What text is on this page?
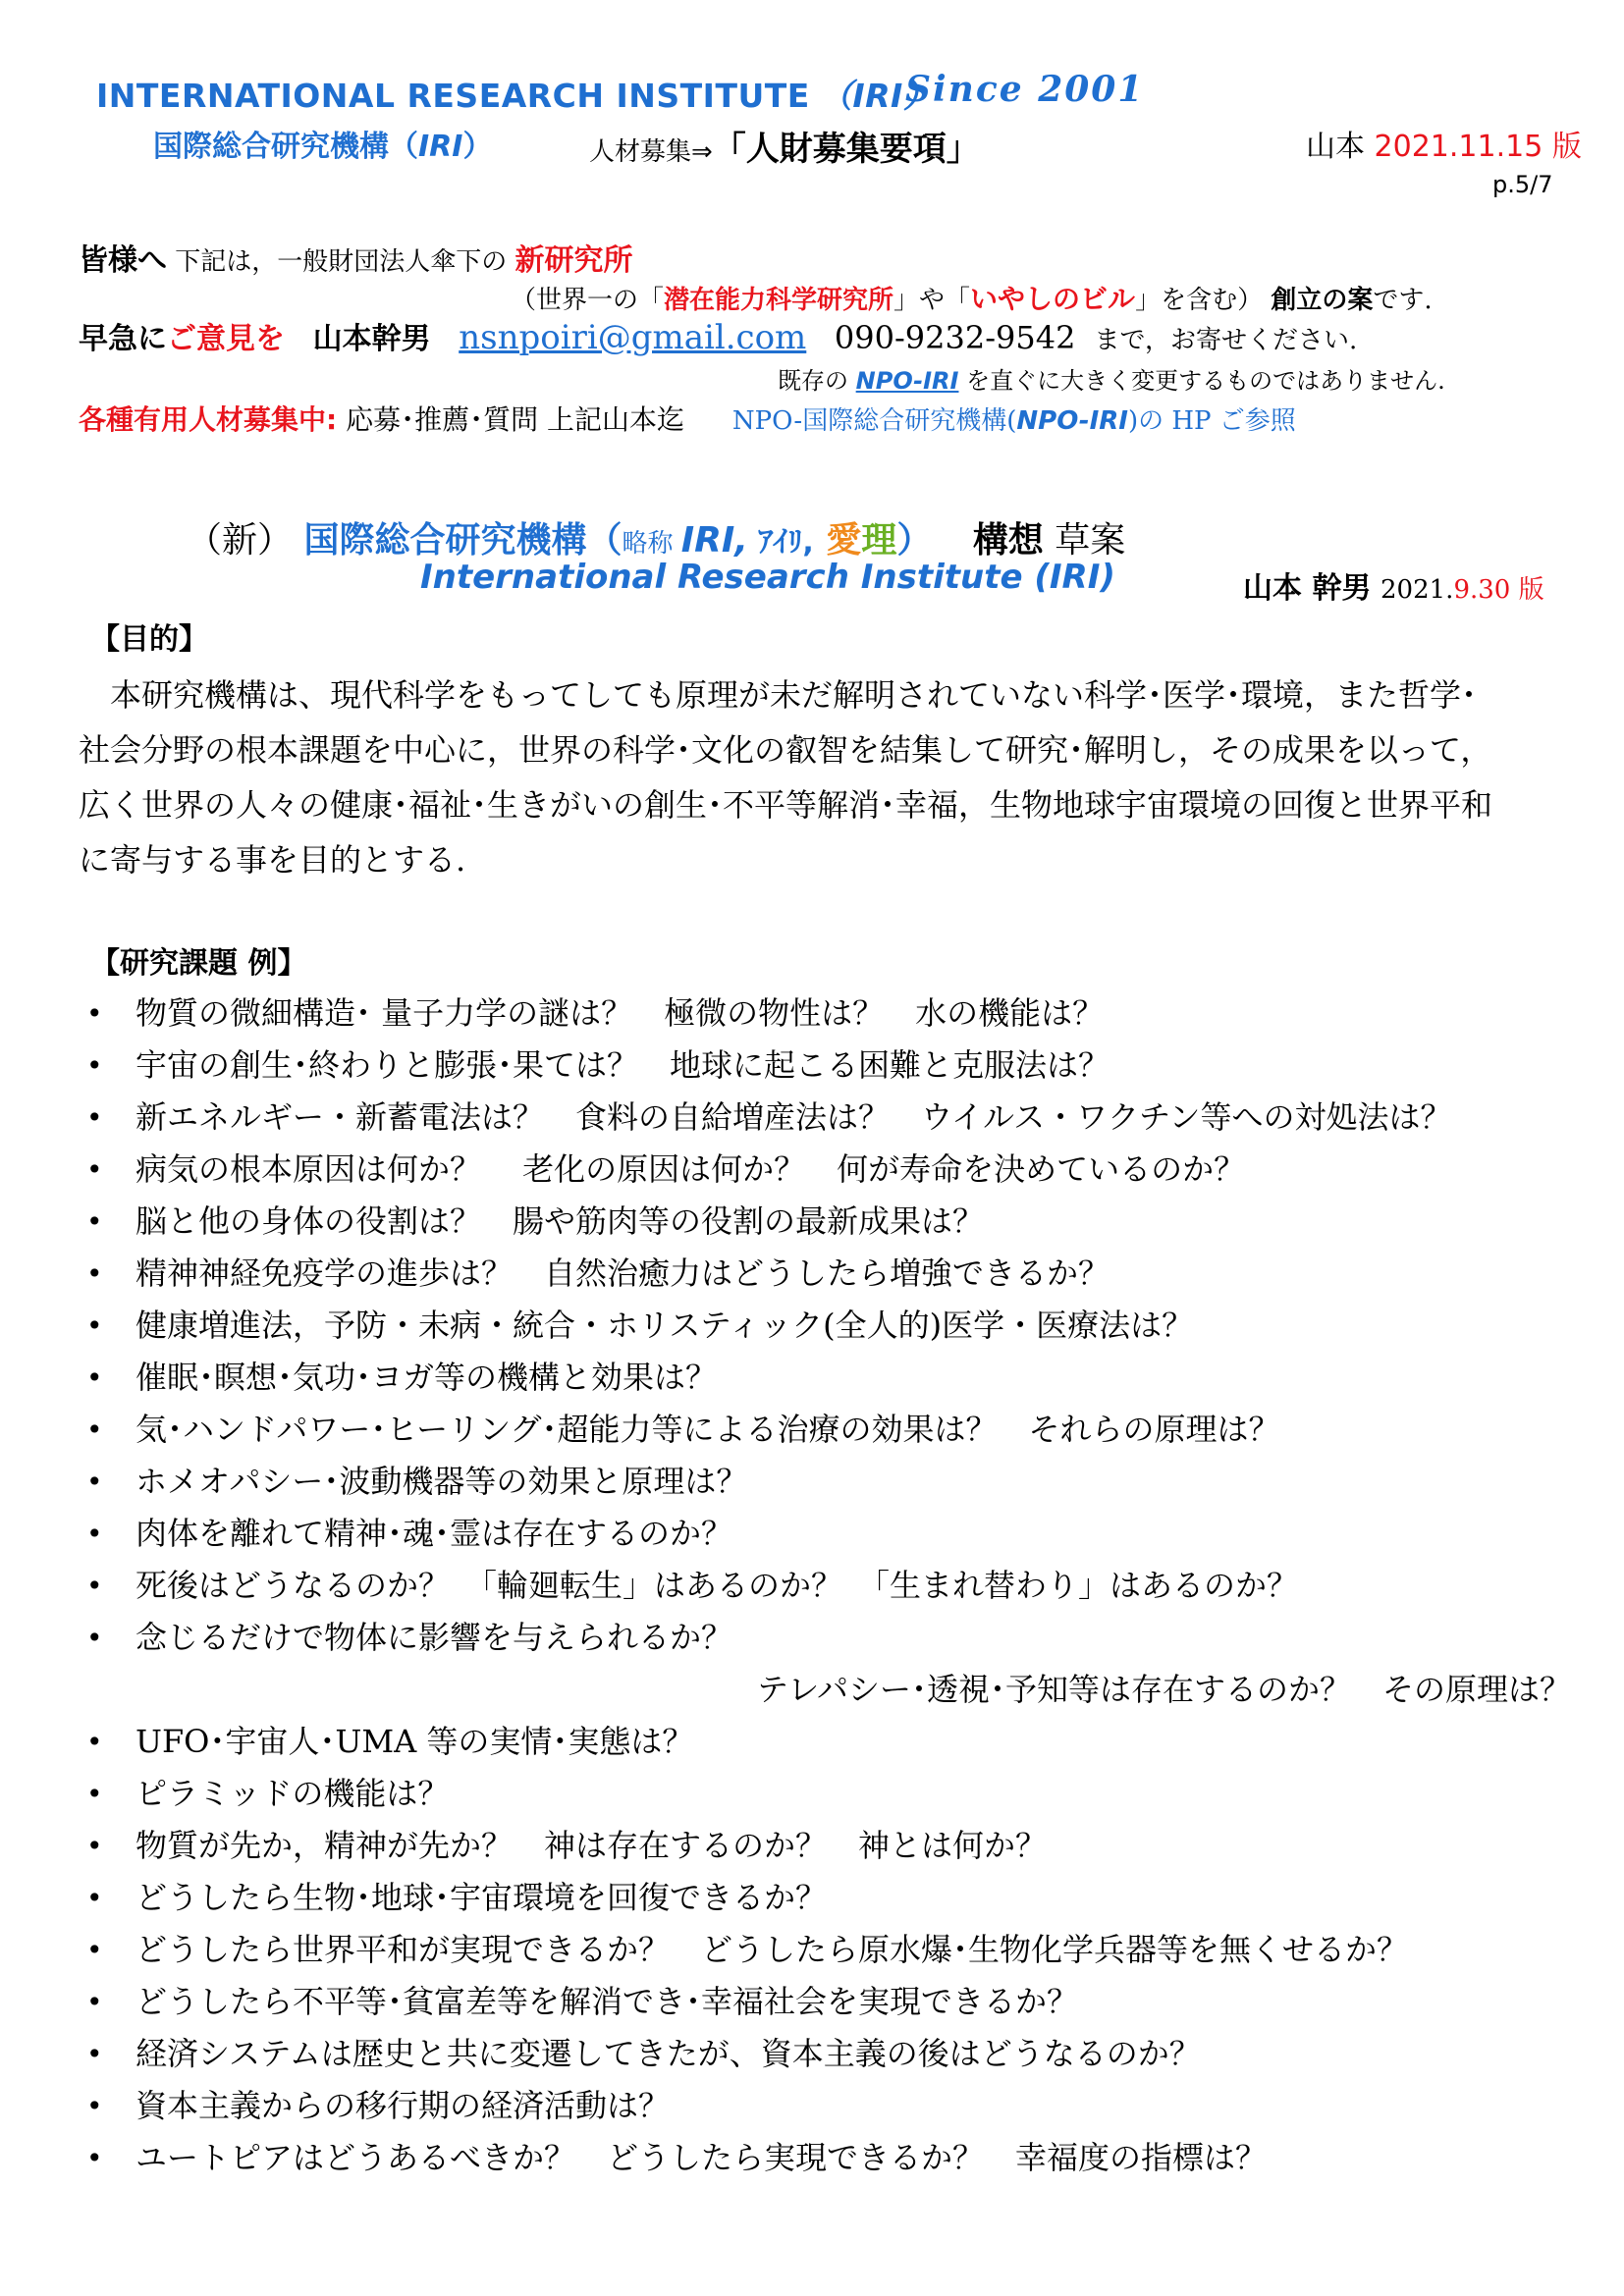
INTERNATIONAL RESEARCH INSTITUTE （IRI）
Since 2001
国際総合研究機構（IRI）	人材募集⇒「人財募集要項」	山本 2021.11.15 版
p.5/7
皆様へ 下記は，一般財団法人傘下の 新研究所
（世界一の「潜在能力科学研究所」や「いやしのビル」を含む） 創立の案です.
早急にご意見を 山本幹男 nsnpoiri@gmail.com 090-9232-9542 まで，お寄せください.
既存の NPO-IRI を直ぐに大きく変更するものではありません.
各種有用人材募集中: 応募･推薦･質問 上記山本迄 NPO-国際総合研究機構(NPO-IRI)の HP ご参照
（新） 国際総合研究機構（略称 IRI, ｱｲﾘ, 愛理） 構想 草案
International Research Institute (IRI)	山本 幹男 2021.9.30 版
【目的】

　本研究機構は、現代科学をもってしても原理が未だ解明されていない科学･医学･環境，また哲学･

社会分野の根本課題を中心に，世界の科学･文化の叡智を結集して研究･解明し，その成果を以って，

広く世界の人々の健康･福祉･生きがいの創生･不平等解消･幸福，生物地球宇宙環境の回復と世界平和

に寄与する事を目的とする.

【研究課題 例】
• 物質の微細構造･ 量子力学の謎は？　極微の物性は？　水の機能は？
• 宇宙の創生･終わりと膨張･果ては？　地球に起こる困難と克服法は？
• 新エネルギー・新蓄電法は？　食料の自給増産法は？　ウイルス・ワクチン等への対処法は？
• 病気の根本原因は何か？　 老化の原因は何か？　何が寿命を決めているのか？
• 脳と他の身体の役割は？　腸や筋肉等の役割の最新成果は？
• 精神神経免疫学の進歩は？　自然治癒力はどうしたら増強できるか？
• 健康増進法，予防・未病・統合・ホリスティック(全人的)医学・医療法は？
• 催眠･瞑想･気功･ヨガ等の機構と効果は？
• 気･ハンドパワー･ヒーリング･超能力等による治療の効果は？　それらの原理は？
• ホメオパシー･波動機器等の効果と原理は？
• 肉体を離れて精神･魂･霊は存在するのか？
• 死後はどうなるのか？　「輪廻転生」はあるのか？　「生まれ替わり」はあるのか？
• 念じるだけで物体に影響を与えられるか？
テレパシー･透視･予知等は存在するのか？　その原理は？
• UFO･宇宙人･UMA 等の実情･実態は？
• ピラミッドの機能は？
• 物質が先か，精神が先か？　神は存在するのか？　神とは何か？
• どうしたら生物･地球･宇宙環境を回復できるか？
• どうしたら世界平和が実現できるか？　どうしたら原水爆･生物化学兵器等を無くせるか？
• どうしたら不平等･貧富差等を解消でき･幸福社会を実現できるか？
• 経済システムは歴史と共に変遷してきたが、資本主義の後はどうなるのか？
• 資本主義からの移行期の経済活動は？
• ユートピアはどうあるべきか？　どうしたら実現できるか？　幸福度の指標は？
